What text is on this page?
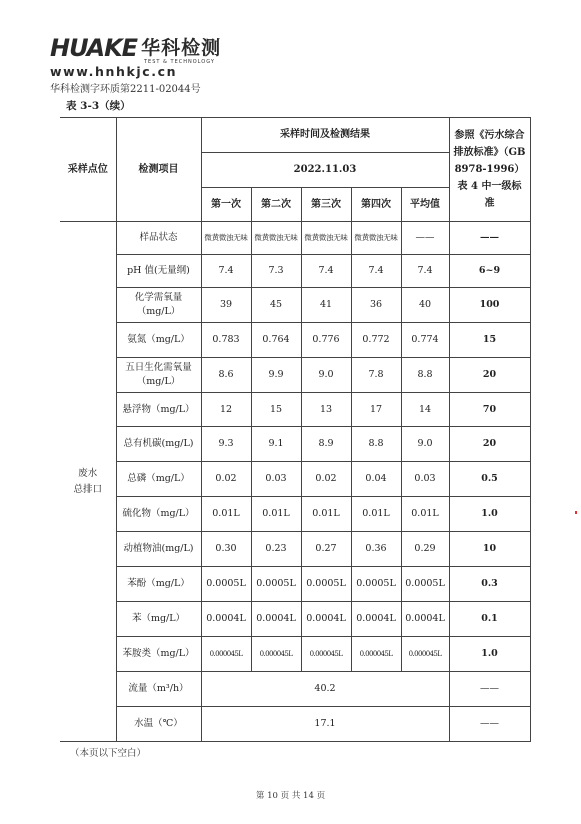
HUAKE 华科检测
TEST & TECHNOLOGY
www.hnhkjc.cn
华科检测字环质第2211-02044号
表 3-3（续）
采样点位	检测项目	采样时间及检测结果					参照《污水综合排放标准》（GB 8978-1996）表 4 中一级标准
		2022.11.03					
		第一次	第二次	第三次	第四次	平均值	
废水
总排口	样品状态	微黄微浊无味	微黄微浊无味	微黄微浊无味	微黄微浊无味	——	——
	pH 值(无量纲)	7.4	7.3	7.4	7.4	7.4	6~9
	化学需氧量（mg/L）	39	45	41	36	40	100
	氨氮（mg/L）	0.783	0.764	0.776	0.772	0.774	15
	五日生化需氧量（mg/L）	8.6	9.9	9.0	7.8	8.8	20
	悬浮物（mg/L）	12	15	13	17	14	70
	总有机碳(mg/L)	9.3	9.1	8.9	8.8	9.0	20
	总磷（mg/L）	0.02	0.03	0.02	0.04	0.03	0.5
	硫化物（mg/L）	0.01L	0.01L	0.01L	0.01L	0.01L	1.0
	动植物油(mg/L)	0.30	0.23	0.27	0.36	0.29	10
	苯酚（mg/L）	0.0005L	0.0005L	0.0005L	0.0005L	0.0005L	0.3
	苯（mg/L）	0.0004L	0.0004L	0.0004L	0.0004L	0.0004L	0.1
	苯胺类（mg/L）	0.000045L	0.000045L	0.000045L	0.000045L	0.000045L	1.0
	流量（m³/h）	40.2					——
	水温（℃）	17.1					——
（本页以下空白）
第 10 页 共 14 页
